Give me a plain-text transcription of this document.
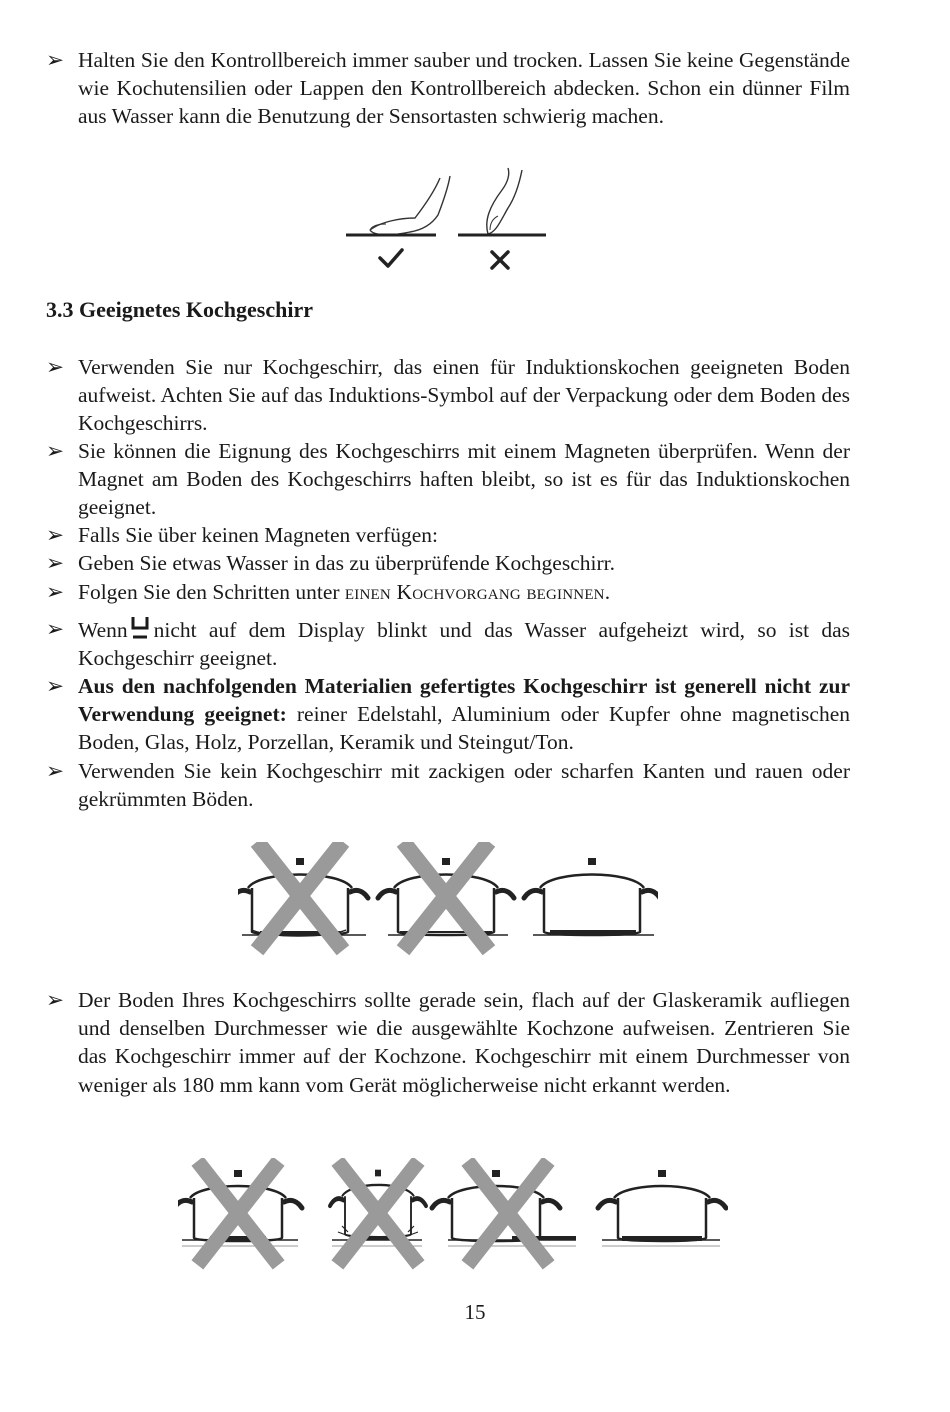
➢ Halten Sie den Kontrollbereich immer sauber und trocken. Lassen Sie keine Gegenstände wie Kochutensilien oder Lappen den Kontrollbereich abdecken. Schon ein dünner Film aus Wasser kann die Benutzung der Sensortasten schwierig machen.
3.3 Geeignetes Kochgeschirr
➢ Verwenden Sie nur Kochgeschirr, das einen für Induktionskochen geeigneten Boden aufweist. Achten Sie auf das Induktions-Symbol auf der Verpackung oder dem Boden des Kochgeschirrs.
➢ Sie können die Eignung des Kochgeschirrs mit einem Magneten überprüfen. Wenn der Magnet am Boden des Kochgeschirrs haften bleibt, so ist es für das Induktionskochen geeignet.
➢ Falls Sie über keinen Magneten verfügen:
➢ Geben Sie etwas Wasser in das zu überprüfende Kochgeschirr.
➢ Folgen Sie den Schritten unter einen Kochvorgang beginnen.
➢ Wenn nicht auf dem Display blinkt und das Wasser aufgeheizt wird, so ist das Kochgeschirr geeignet.
➢ Aus den nachfolgenden Materialien gefertigtes Kochgeschirr ist generell nicht zur Verwendung geeignet: reiner Edelstahl, Aluminium oder Kupfer ohne magnetischen Boden, Glas, Holz, Porzellan, Keramik und Steingut/Ton.
➢ Verwenden Sie kein Kochgeschirr mit zackigen oder scharfen Kanten und rauen oder gekrümmten Böden.
➢ Der Boden Ihres Kochgeschirrs sollte gerade sein, flach auf der Glaskeramik aufliegen und denselben Durchmesser wie die ausgewählte Kochzone aufweisen. Zentrieren Sie das Kochgeschirr immer auf der Kochzone. Kochgeschirr mit einem Durchmesser von weniger als 180 mm kann vom Gerät möglicherweise nicht erkannt werden.
15
